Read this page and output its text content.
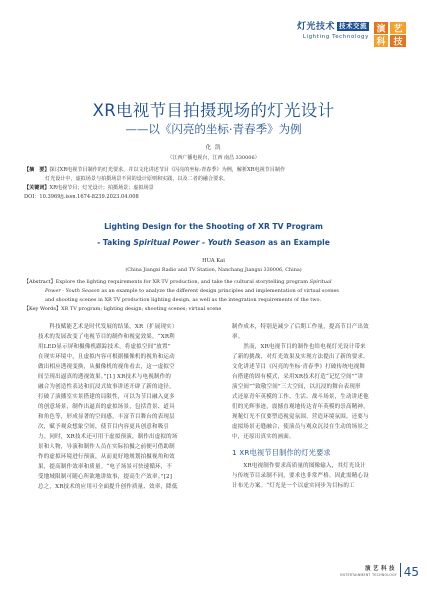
灯光技术 技术交流
Lighting Technology
演 艺
科 技
XR电视节目拍摄现场的灯光设计
——以《闪亮的坐标·青春季》为例
化 凯
（江西广播电视台，江西 南昌 330006）
【摘　要】探讨XR电视节目制作的灯光要求，并以文化讲述节目《闪亮的坐标·青春季》为例，解析XR电视节目制作
灯光设计中，虚拟场景与拍摄场景不同的设计原则和实践，以及二者的融合要求。
【关键词】XR电视节目；灯光设计；拍摄场景；虚拟场景
DOI：10.3969/j.issn.1674-8239.2023.04.008
Lighting Design for the Shooting of XR TV Program
- Taking Spiritual Power - Youth Season as an Example
HUA Kai
(China Jiangxi Radio and TV Station, Nanchang Jiangxi 330006, China)
【Abstract】Explore the lighting requirements for XR TV production, and take the cultural storytelling program Spiritual
Power - Youth Season as an example to analyze the different design principles and implementation of virtual scenes
and shooting scenes in XR TV production lighting design, as well as the integration requirements of the two.
【Key Words】XR TV program; lighting design; shooting scenes; virtual scene
　　科技赋能艺术是时代发展的结果。XR（扩展现实）
技术的发展改变了电视节目的制作和视觉效果。“XR利
用LED显示屏和摄像机跟踪技术，将虚拟空间“放置”
在现实环境中，且虚拟内容可根据摄像机的视角和运动
做出相应透视变换，从摄像机的视角看去，这一虚拟空
间呈现出逼真的透视效果。”[1] XR技术与电视制作的
融合为创造性表达和沉浸式故事讲述开辟了新的途径，
打破了演播室实景搭建的局限性，可以为节目融入更多
的创意场景，制作出逼真的虚拟场景，包括背景、道具
和角色等，形成显著的空间感，丰富节目舞台的表现层
次，赋予观众想象空间，使节目内容更具创意和吸引
力。同时，XR技术还可用于虚拟预演，制作出虚拟的场
景和人物，导演和制作人员在实际拍摄之前便可借助制
作的虚拟环境进行预演，从而更好地规划拍摄视角和效
果，提高制作效率和质量。“电子场景可快速循环，不
受地域限制可随心所欲地讲故事，提高生产效率。”[2]
总之，XR技术的应用可全面提升创作质量、效率，降低
制作成本，特别是减少了后期工作量，提高节目产出效
率。
　　然而，XR电视节目的制作也给电视灯光设计带来
了新的挑战，对灯光效果及实现方法提出了新的要求。
文化讲述节目《闪亮的坐标·青春季》打破传统电视舞
台搭建的固有模式，采用XR技术打造“记忆空间”“讲
演空间”“致敬空间”三大空间，以沉浸的舞台表现形
式还原青年英模的工作、生活、战斗场景，生动讲述他
们的光辉事迹，震撼直观地传达青年英模的崇高精神，
现秘灯光不仅要塑造视觉氛围，营造环境氛围，还要与
虚拟场景无缝融合，使演员与观众沉浸在生动的场景之
中，还原出真实的画面。
1 XR电视节目制作的灯光要求
　　XR电视制作要求高质量的图像输入，其灯光设计
与传统节目录制不同，要求也非常严格。因此需精心设
计布光方案。“灯光是一个以虚实同步为目标的工
演艺科技
ENTERTAINMENT TECHNOLOGY 45
